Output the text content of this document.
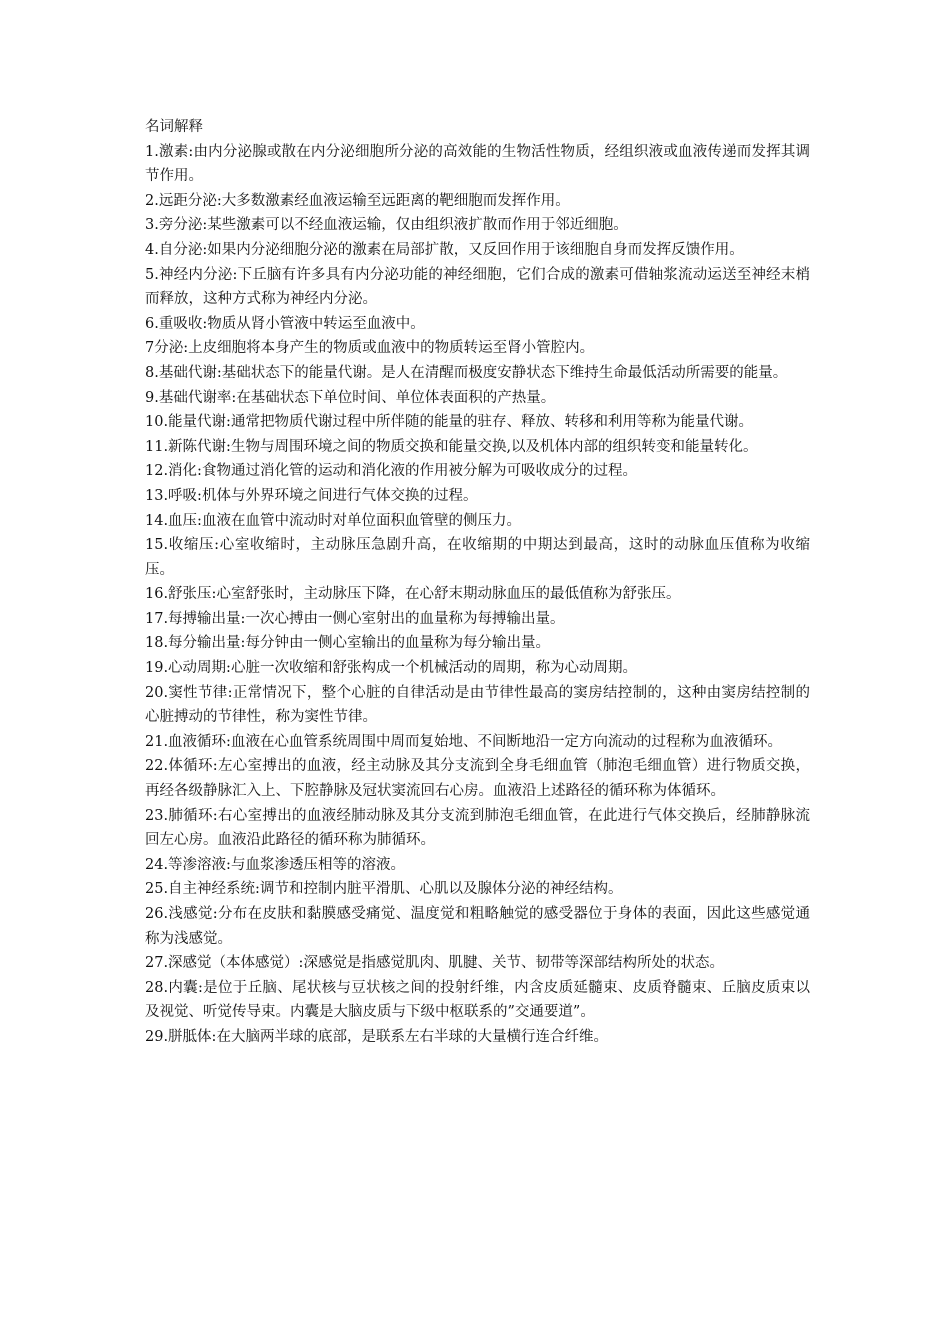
名词解释

1.激素:由内分泌腺或散在内分泌细胞所分泌的高效能的生物活性物质，经组织液或血液传递而发挥其调节作用。

2.远距分泌:大多数激素经血液运输至远距离的靶细胞而发挥作用。

3.旁分泌:某些激素可以不经血液运输，仅由组织液扩散而作用于邻近细胞。

4.自分泌:如果内分泌细胞分泌的激素在局部扩散，又反回作用于该细胞自身而发挥反馈作用。

5.神经内分泌:下丘脑有许多具有内分泌功能的神经细胞，它们合成的激素可借轴浆流动运送至神经末梢而释放，这种方式称为神经内分泌。

6.重吸收:物质从肾小管液中转运至血液中。

7分泌:上皮细胞将本身产生的物质或血液中的物质转运至肾小管腔内。

8.基础代谢:基础状态下的能量代谢。是人在清醒而极度安静状态下维持生命最低活动所需要的能量。

9.基础代谢率:在基础状态下单位时间、单位体表面积的产热量。

10.能量代谢:通常把物质代谢过程中所伴随的能量的驻存、释放、转移和利用等称为能量代谢。

11.新陈代谢:生物与周围环境之间的物质交换和能量交换,以及机体内部的组织转变和能量转化。

12.消化:食物通过消化管的运动和消化液的作用被分解为可吸收成分的过程。

13.呼吸:机体与外界环境之间进行气体交换的过程。

14.血压:血液在血管中流动时对单位面积血管壁的侧压力。

15.收缩压:心室收缩时，主动脉压急剧升高，在收缩期的中期达到最高，这时的动脉血压值称为收缩压。

16.舒张压:心室舒张时，主动脉压下降，在心舒末期动脉血压的最低值称为舒张压。

17.每搏输出量:一次心搏由一侧心室射出的血量称为每搏输出量。

18.每分输出量:每分钟由一侧心室输出的血量称为每分输出量。

19.心动周期:心脏一次收缩和舒张构成一个机械活动的周期，称为心动周期。

20.窦性节律:正常情况下，整个心脏的自律活动是由节律性最高的窦房结控制的，这种由窦房结控制的心脏搏动的节律性，称为窦性节律。

21.血液循环:血液在心血管系统周围中周而复始地、不间断地沿一定方向流动的过程称为血液循环。

22.体循环:左心室搏出的血液，经主动脉及其分支流到全身毛细血管（肺泡毛细血管）进行物质交换，再经各级静脉汇入上、下腔静脉及冠状窦流回右心房。血液沿上述路径的循环称为体循环。

23.肺循环:右心室搏出的血液经肺动脉及其分支流到肺泡毛细血管，在此进行气体交换后，经肺静脉流回左心房。血液沿此路径的循环称为肺循环。

24.等渗溶液:与血浆渗透压相等的溶液。

25.自主神经系统:调节和控制内脏平滑肌、心肌以及腺体分泌的神经结构。

26.浅感觉:分布在皮肤和黏膜感受痛觉、温度觉和粗略触觉的感受器位于身体的表面，因此这些感觉通称为浅感觉。

27.深感觉（本体感觉）:深感觉是指感觉肌肉、肌腱、关节、韧带等深部结构所处的状态。

28.内囊:是位于丘脑、尾状核与豆状核之间的投射纤维，内含皮质延髓束、皮质脊髓束、丘脑皮质束以及视觉、听觉传导束。内囊是大脑皮质与下级中枢联系的”交通要道”。

29.胼胝体:在大脑两半球的底部，是联系左右半球的大量横行连合纤维。
